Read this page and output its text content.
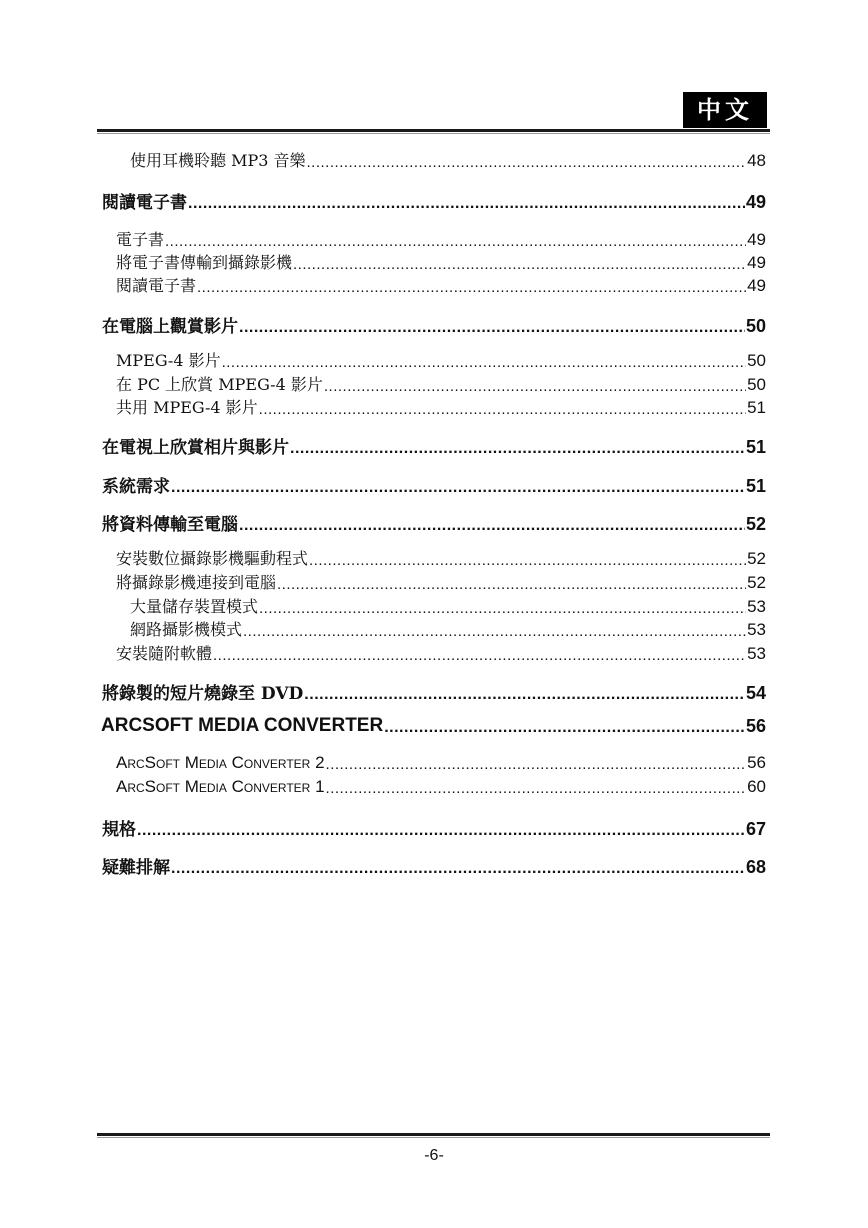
中文
使用耳機聆聽 MP3 音樂 .....	48
閱讀電子書 .....	49
電子書 .....	49
將電子書傳輸到攝錄影機 .....	49
閱讀電子書 .....	49
在電腦上觀賞影片 .....	50
MPEG-4 影片 .....	50
在 PC 上欣賞 MPEG-4 影片 .....	50
共用 MPEG-4 影片 .....	51
在電視上欣賞相片與影片 .....	51
系統需求 .....	51
將資料傳輸至電腦 .....	52
安裝數位攝錄影機驅動程式 .....	52
將攝錄影機連接到電腦 .....	52
大量儲存裝置模式 .....	53
網路攝影機模式 .....	53
安裝隨附軟體 .....	53
將錄製的短片燒錄至 DVD .....	54
ARCSOFT MEDIA CONVERTER .....	56
ArcSoft Media Converter 2 .....	56
ArcSoft Media Converter 1 .....	60
規格 .....	67
疑難排解 .....	68
-6-
